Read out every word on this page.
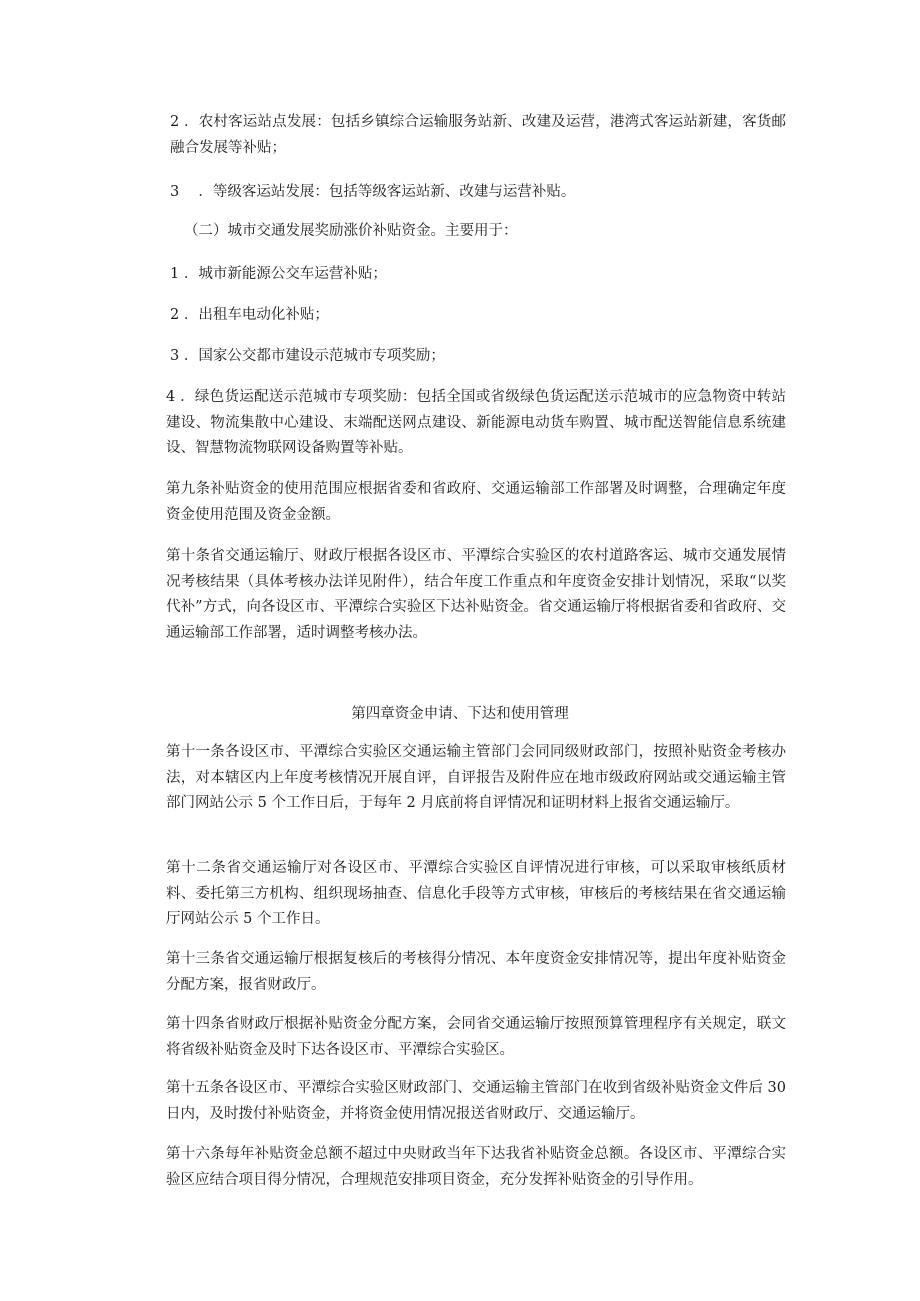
2 ．农村客运站点发展：包括乡镇综合运输服务站新、改建及运营，港湾式客运站新建，客货邮融合发展等补贴；

3 　．等级客运站发展：包括等级客运站新、改建与运营补贴。

（二）城市交通发展奖励涨价补贴资金。主要用于：

1 ．城市新能源公交车运营补贴；

2 ．出租车电动化补贴；

3 ．国家公交都市建设示范城市专项奖励；

4 ．绿色货运配送示范城市专项奖励：包括全国或省级绿色货运配送示范城市的应急物资中转站建设、物流集散中心建设、末端配送网点建设、新能源电动货车购置、城市配送智能信息系统建设、智慧物流物联网设备购置等补贴。

第九条补贴资金的使用范围应根据省委和省政府、交通运输部工作部署及时调整，合理确定年度资金使用范围及资金金额。

第十条省交通运输厅、财政厅根据各设区市、平潭综合实验区的农村道路客运、城市交通发展情况考核结果（具体考核办法详见附件），结合年度工作重点和年度资金安排计划情况，采取“以奖代补”方式，向各设区市、平潭综合实验区下达补贴资金。省交通运输厅将根据省委和省政府、交通运输部工作部署，适时调整考核办法。

第四章资金申请、下达和使用管理

第十一条各设区市、平潭综合实验区交通运输主管部门会同同级财政部门，按照补贴资金考核办法，对本辖区内上年度考核情况开展自评，自评报告及附件应在地市级政府网站或交通运输主管部门网站公示 5 个工作日后，于每年 2 月底前将自评情况和证明材料上报省交通运输厅。

第十二条省交通运输厅对各设区市、平潭综合实验区自评情况进行审核，可以采取审核纸质材料、委托第三方机构、组织现场抽查、信息化手段等方式审核，审核后的考核结果在省交通运输厅网站公示 5 个工作日。

第十三条省交通运输厅根据复核后的考核得分情况、本年度资金安排情况等，提出年度补贴资金分配方案，报省财政厅。

第十四条省财政厅根据补贴资金分配方案，会同省交通运输厅按照预算管理程序有关规定，联文将省级补贴资金及时下达各设区市、平潭综合实验区。

第十五条各设区市、平潭综合实验区财政部门、交通运输主管部门在收到省级补贴资金文件后 30 日内，及时拨付补贴资金，并将资金使用情况报送省财政厅、交通运输厅。

第十六条每年补贴资金总额不超过中央财政当年下达我省补贴资金总额。各设区市、平潭综合实验区应结合项目得分情况，合理规范安排项目资金，充分发挥补贴资金的引导作用。
